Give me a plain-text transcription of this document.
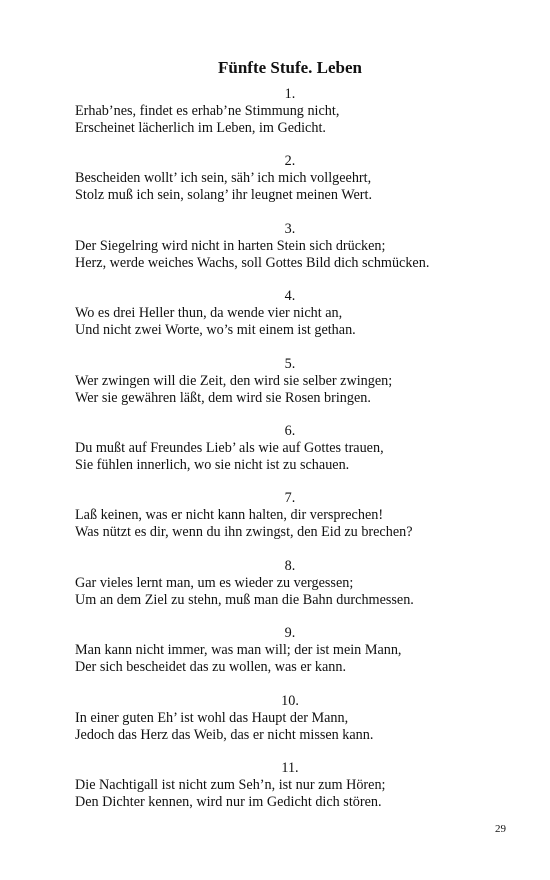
Fünfte Stufe. Leben
1.
Erhab’nes, findet es erhab’ne Stimmung nicht,
Erscheinet lächerlich im Leben, im Gedicht.
2.
Bescheiden wollt’ ich sein, säh’ ich mich vollgeehrt,
Stolz muß ich sein, solang’ ihr leugnet meinen Wert.
3.
Der Siegelring wird nicht in harten Stein sich drücken;
Herz, werde weiches Wachs, soll Gottes Bild dich schmücken.
4.
Wo es drei Heller thun, da wende vier nicht an,
Und nicht zwei Worte, wo’s mit einem ist gethan.
5.
Wer zwingen will die Zeit, den wird sie selber zwingen;
Wer sie gewähren läßt, dem wird sie Rosen bringen.
6.
Du mußt auf Freundes Lieb’ als wie auf Gottes trauen,
Sie fühlen innerlich, wo sie nicht ist zu schauen.
7.
Laß keinen, was er nicht kann halten, dir versprechen!
Was nützt es dir, wenn du ihn zwingst, den Eid zu brechen?
8.
Gar vieles lernt man, um es wieder zu vergessen;
Um an dem Ziel zu stehn, muß man die Bahn durchmessen.
9.
Man kann nicht immer, was man will; der ist mein Mann,
Der sich bescheidet das zu wollen, was er kann.
10.
In einer guten Eh’ ist wohl das Haupt der Mann,
Jedoch das Herz das Weib, das er nicht missen kann.
11.
Die Nachtigall ist nicht zum Seh’n, ist nur zum Hören;
Den Dichter kennen, wird nur im Gedicht dich stören.
29
